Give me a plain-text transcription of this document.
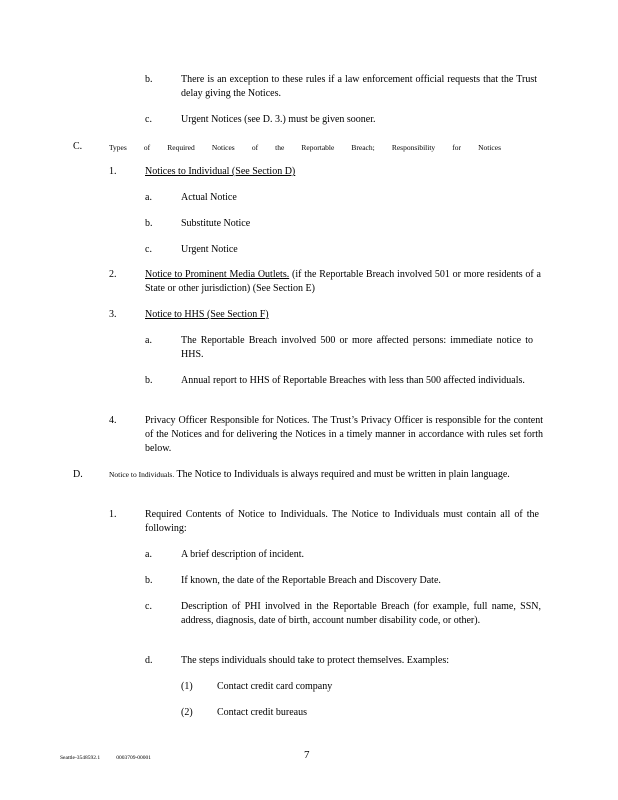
b.	There is an exception to these rules if a law enforcement official requests that the Trust delay giving the Notices.
c.	Urgent Notices (see D. 3.) must be given sooner.
C.	Types of Required Notices of the Reportable Breach; Responsibility for Notices
1.	Notices to Individual (See Section D)
a.	Actual Notice
b.	Substitute Notice
c.	Urgent Notice
2.	Notice to Prominent Media Outlets. (if the Reportable Breach involved 501 or more residents of a State or other jurisdiction) (See Section E)
3.	Notice to HHS (See Section F)
a.	The Reportable Breach involved 500 or more affected persons: immediate notice to HHS.
b.	Annual report to HHS of Reportable Breaches with less than 500 affected individuals.
4.	Privacy Officer Responsible for Notices. The Trust’s Privacy Officer is responsible for the content of the Notices and for delivering the Notices in a timely manner in accordance with rules set forth below.
D.	Notice to Individuals. The Notice to Individuals is always required and must be written in plain language.
1.	Required Contents of Notice to Individuals. The Notice to Individuals must contain all of the following:
a.	A brief description of incident.
b.	If known, the date of the Reportable Breach and Discovery Date.
c.	Description of PHI involved in the Reportable Breach (for example, full name, SSN, address, diagnosis, date of birth, account number disability code, or other).
d.	The steps individuals should take to protect themselves. Examples:
(1) Contact credit card company
(2) Contact credit bureaus
Seattle-3548592.1	0003709-00001	7
